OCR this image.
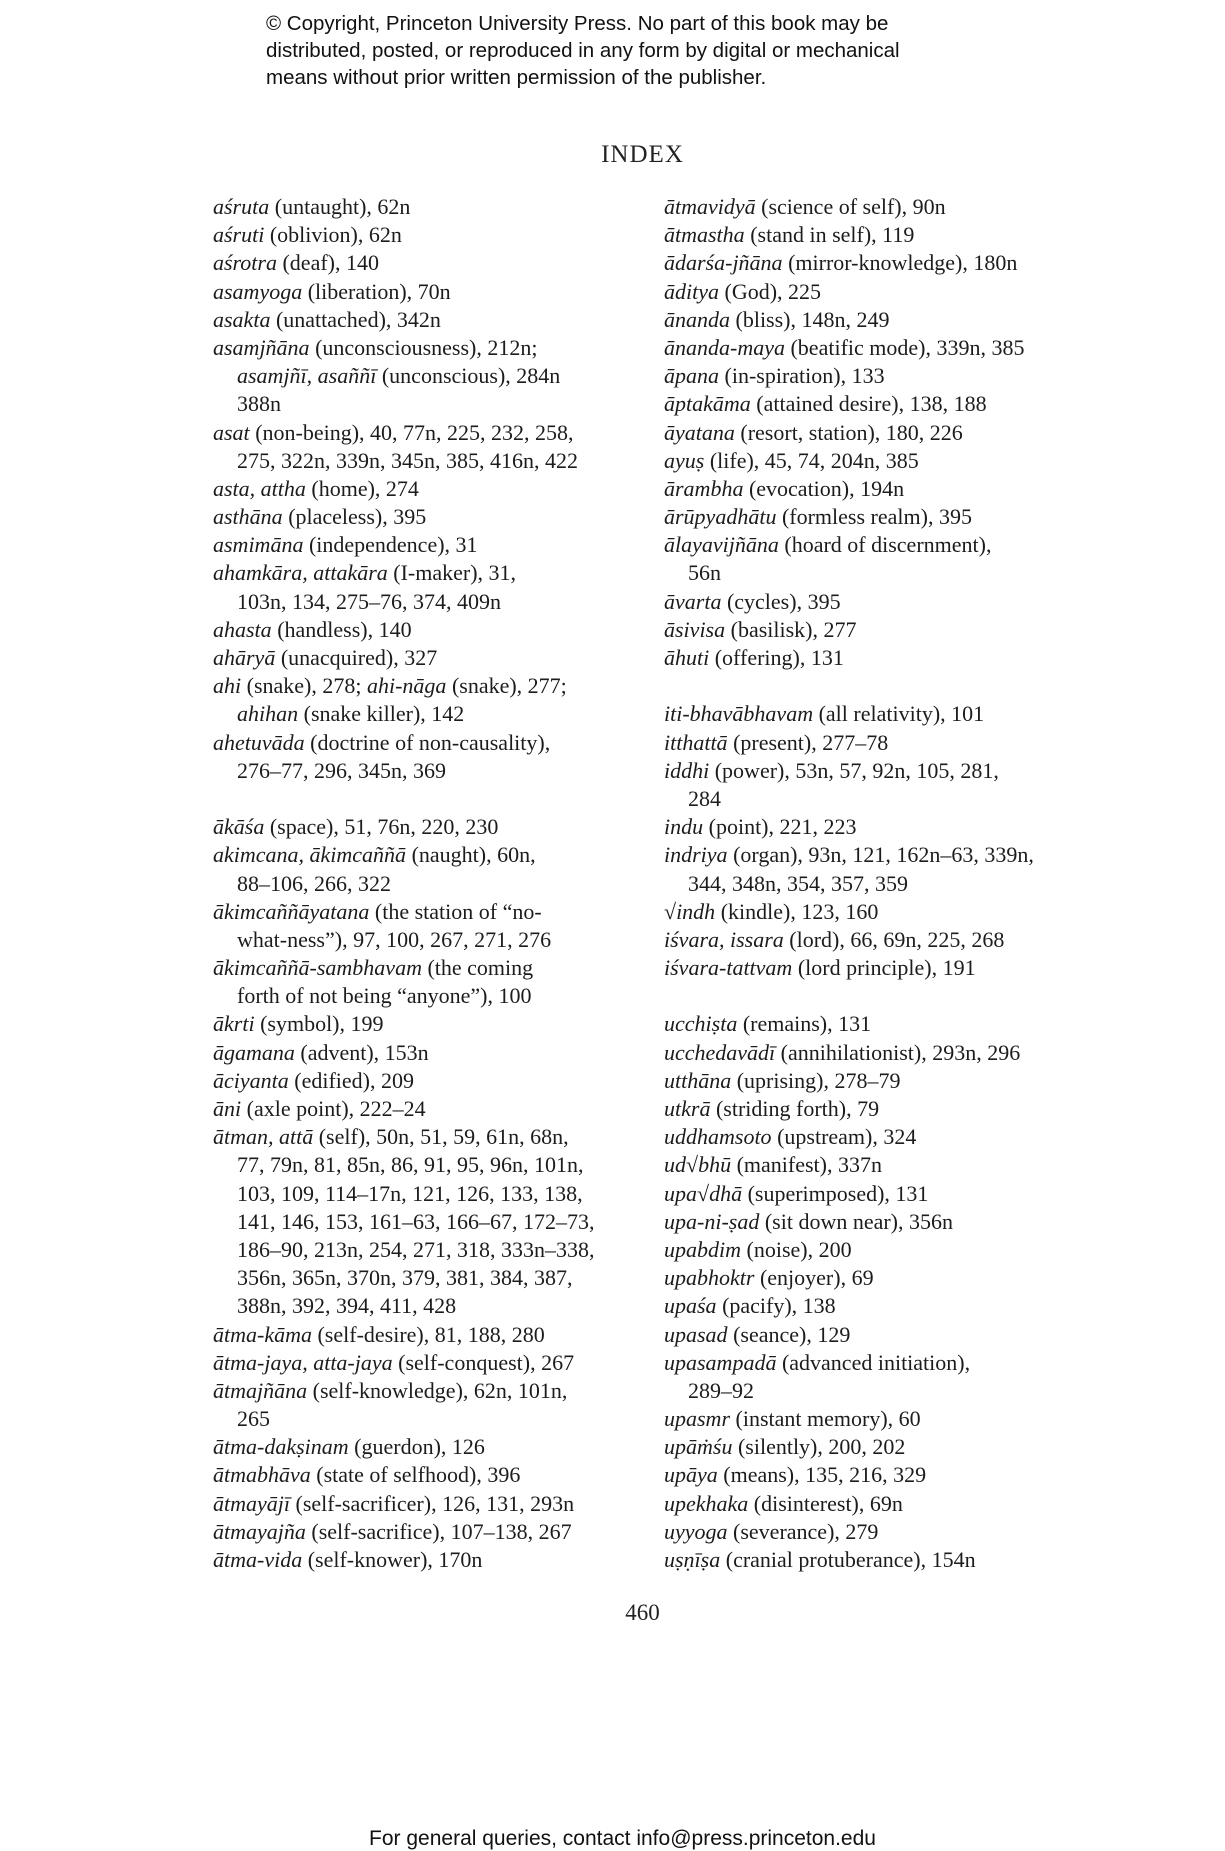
© Copyright, Princeton University Press. No part of this book may be
distributed, posted, or reproduced in any form by digital or mechanical
means without prior written permission of the publisher.
INDEX
aśruta (untaught), 62n
aśruti (oblivion), 62n
aśrotra (deaf), 140
asamyoga (liberation), 70n
asakta (unattached), 342n
asamjñāna (unconsciousness), 212n;
asamjñī, asaññī (unconscious), 284n
388n
asat (non-being), 40, 77n, 225, 232, 258,
275, 322n, 339n, 345n, 385, 416n, 422
asta, attha (home), 274
asthāna (placeless), 395
asmimāna (independence), 31
ahamkāra, attakāra (I-maker), 31,
103n, 134, 275–76, 374, 409n
ahasta (handless), 140
ahāryā (unacquired), 327
ahi (snake), 278; ahi-nāga (snake), 277;
ahihan (snake killer), 142
ahetuvāda (doctrine of non-causality),
276–77, 296, 345n, 369
ākāśa (space), 51, 76n, 220, 230
akimcana, ākimcaññā (naught), 60n,
88–106, 266, 322
ākimcaññāyatana (the station of “no-
what-ness”), 97, 100, 267, 271, 276
ākimcaññā-sambhavam (the coming
forth of not being “anyone”), 100
ākrti (symbol), 199
āgamana (advent), 153n
āciyanta (edified), 209
āni (axle point), 222–24
ātman, attā (self), 50n, 51, 59, 61n, 68n,
77, 79n, 81, 85n, 86, 91, 95, 96n, 101n,
103, 109, 114–17n, 121, 126, 133, 138,
141, 146, 153, 161–63, 166–67, 172–73,
186–90, 213n, 254, 271, 318, 333n–338,
356n, 365n, 370n, 379, 381, 384, 387,
388n, 392, 394, 411, 428
ātma-kāma (self-desire), 81, 188, 280
ātma-jaya, atta-jaya (self-conquest), 267
ātmajñāna (self-knowledge), 62n, 101n,
265
ātma-dakṣinam (guerdon), 126
ātmabhāva (state of selfhood), 396
ātmayājī (self-sacrificer), 126, 131, 293n
ātmayajña (self-sacrifice), 107–138, 267
ātma-vida (self-knower), 170n
ātmavidyā (science of self), 90n
ātmastha (stand in self), 119
ādarśa-jñāna (mirror-knowledge), 180n
āditya (God), 225
ānanda (bliss), 148n, 249
ānanda-maya (beatific mode), 339n, 385
āpana (in-spiration), 133
āptakāma (attained desire), 138, 188
āyatana (resort, station), 180, 226
ayuṣ (life), 45, 74, 204n, 385
ārambha (evocation), 194n
ārūpyadhātu (formless realm), 395
ālayavijñāna (hoard of discernment),
56n
āvarta (cycles), 395
āsivisa (basilisk), 277
āhuti (offering), 131
iti-bhavābhavam (all relativity), 101
itthattā (present), 277–78
iddhi (power), 53n, 57, 92n, 105, 281,
284
indu (point), 221, 223
indriya (organ), 93n, 121, 162n–63, 339n,
344, 348n, 354, 357, 359
√indh (kindle), 123, 160
iśvara, issara (lord), 66, 69n, 225, 268
iśvara-tattvam (lord principle), 191
ucchiṣta (remains), 131
ucchedavādī (annihilationist), 293n, 296
utthāna (uprising), 278–79
utkrā (striding forth), 79
uddhamsoto (upstream), 324
ud√bhū (manifest), 337n
upa√dhā (superimposed), 131
upa-ni-ṣad (sit down near), 356n
upabdim (noise), 200
upabhoktr (enjoyer), 69
upaśa (pacify), 138
upasad (seance), 129
upasampadā (advanced initiation),
289–92
upasmr (instant memory), 60
upāṁśu (silently), 200, 202
upāya (means), 135, 216, 329
upekhaka (disinterest), 69n
uyyoga (severance), 279
uṣṇīṣa (cranial protuberance), 154n
460
For general queries, contact info@press.princeton.edu
